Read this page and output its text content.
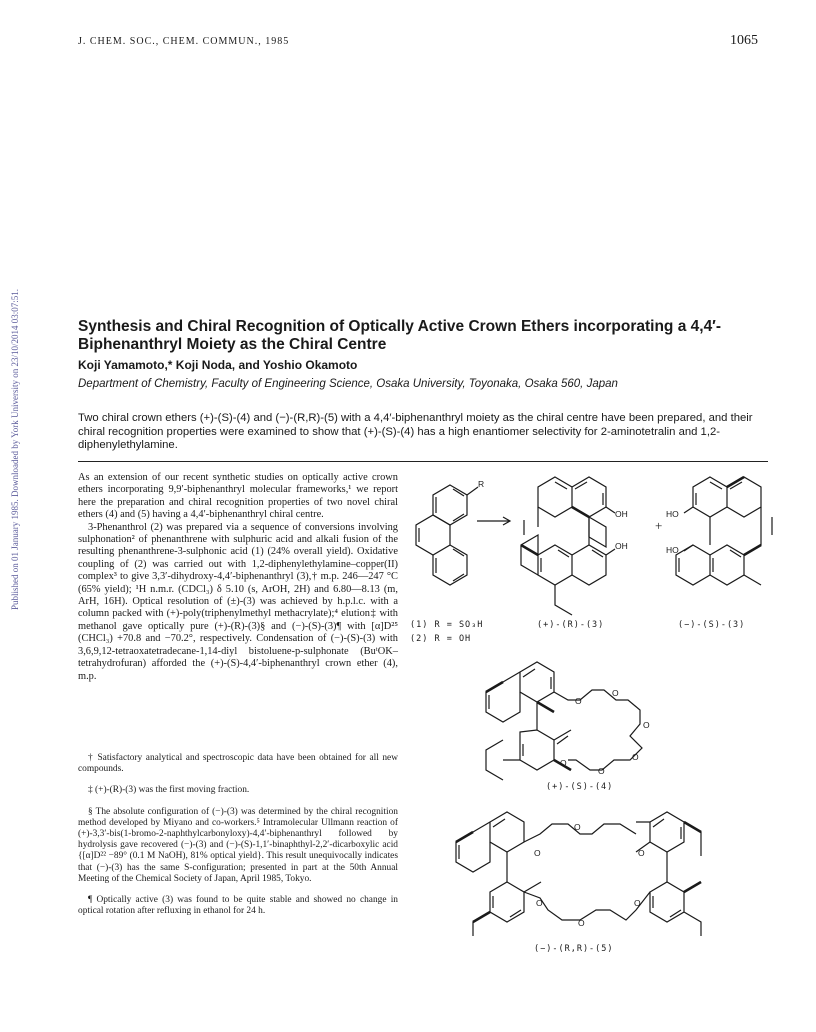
Published on 01 January 1985. Downloaded by York University on 23/10/2014 03:07:51.
J. CHEM. SOC., CHEM. COMMUN., 1985	1065
Synthesis and Chiral Recognition of Optically Active Crown Ethers incorporating a 4,4′-Biphenanthryl Moiety as the Chiral Centre
Koji Yamamoto,* Koji Noda, and Yoshio Okamoto
Department of Chemistry, Faculty of Engineering Science, Osaka University, Toyonaka, Osaka 560, Japan
Two chiral crown ethers (+)-(S)-(4) and (−)-(R,R)-(5) with a 4,4′-biphenanthryl moiety as the chiral centre have been prepared, and their chiral recognition properties were examined to show that (+)-(S)-(4) has a high enantiomer selectivity for 2-aminotetralin and 1,2-diphenylethylamine.

As an extension of our recent synthetic studies on optically active crown ethers incorporating 9,9′-biphenanthryl molecular frameworks,¹ we report here the preparation and chiral recognition properties of two novel chiral ethers (4) and (5) having a 4,4′-biphenanthryl chiral centre.

3-Phenanthrol (2) was prepared via a sequence of conversions involving sulphonation² of phenanthrene with sulphuric acid and alkali fusion of the resulting phenanthrene-3-sulphonic acid (1) (24% overall yield). Oxidative coupling of (2) was carried out with 1,2-diphenylethylamine–copper(II) complex³ to give 3,3′-dihydroxy-4,4′-biphenanthryl (3),† m.p. 246—247 °C (65% yield); ¹H n.m.r. (CDCl₃) δ 5.10 (s, ArOH, 2H) and 6.80—8.13 (m, ArH, 16H). Optical resolution of (±)-(3) was achieved by h.p.l.c. with a column packed with (+)-poly(triphenylmethyl methacrylate);⁴ elution‡ with methanol gave optically pure (+)-(R)-(3)§ and (−)-(S)-(3)¶ with [α]D²⁵ (CHCl₃) +70.8 and −70.2°, respectively. Condensation of (−)-(S)-(3) with 3,6,9,12-tetraoxatetradecane-1,14-diyl bistoluene-p-sulphonate (BuᵗOK–tetrahydrofuran) afforded the (+)-(S)-4,4′-biphenanthryl crown ether (4), m.p.

† Satisfactory analytical and spectroscopic data have been obtained for all new compounds.

‡ (+)-(R)-(3) was the first moving fraction.

§ The absolute configuration of (−)-(3) was determined by the chiral recognition method developed by Miyano and co-workers.⁵ Intramolecular Ullmann reaction of (+)-3,3′-bis(1-bromo-2-naphthylcarbonyloxy)-4,4′-biphenanthryl followed by hydrolysis gave recovered (−)-(3) and (−)-(S)-1,1′-binaphthyl-2,2′-dicarboxylic acid {[α]D²² −89° (0.1 M NaOH), 81% optical yield}. This result unequivocally indicates that (−)-(3) has the same S-configuration; presented in part at the 50th Annual Meeting of the Chemical Society of Japan, April 1985, Tokyo.

¶ Optically active (3) was found to be quite stable and showed no change in optical rotation after refluxing in ethanol for 24 h.

R
OH
OH
+
HO
HO
(1) R = SO₃H
(2) R = OH
(+)-(R)-(3)	(−)-(S)-(3)
O
O
O
O
O
O
(+)-(S)-(4)
O
O
O
O
O
O
(−)-(R,R)-(5)
